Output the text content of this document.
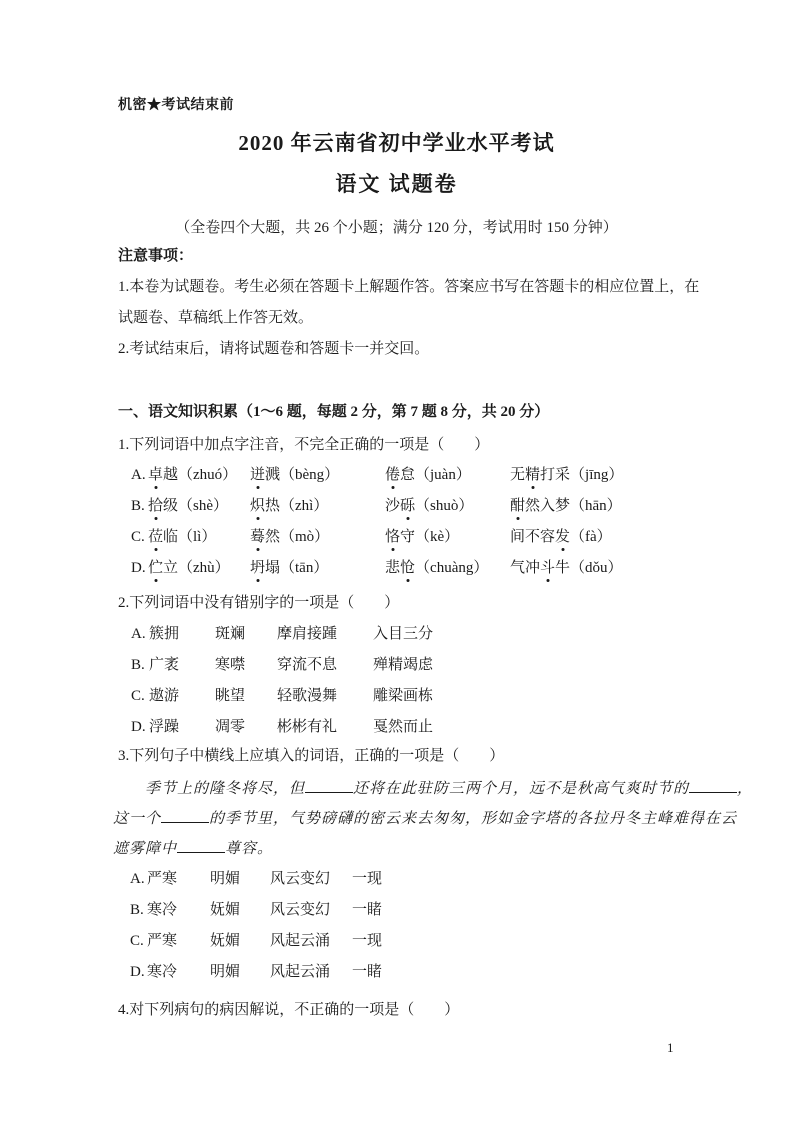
机密★考试结束前
2020 年云南省初中学业水平考试
语文 试题卷
（全卷四个大题，共 26 个小题；满分 120 分，考试用时 150 分钟）
注意事项：
1.本卷为试题卷。考生必须在答题卡上解题作答。答案应书写在答题卡的相应位置上，在
试题卷、草稿纸上作答无效。
2.考试结束后，请将试题卷和答题卡一并交回。
一、语文知识积累（1～6 题，每题 2 分，第 7 题 8 分，共 20 分）
1.下列词语中加点字注音，不完全正确的一项是（　　）
A. 卓越（zhuó） 迸溅（bèng）	倦怠（juàn）	无精打采（jīng）
B. 拾级（shè） 炽热（zhì）	沙砾（shuò） 酣然入梦（hān）
C. 莅临（lì） 蓦然（mò）	恪守（kè）	间不容发（fà）
D. 伫立（zhù） 坍塌（tān）	悲怆（chuàng） 气冲斗牛（dǒu）
2.下列词语中没有错别字的一项是（　　）
A. 簇拥 斑斓 摩肩接踵 入目三分
B. 广袤 寒噤 穿流不息 殚精竭虑
C. 遨游 眺望 轻歌漫舞 雕梁画栋
D. 浮躁 凋零 彬彬有礼 戛然而止
3.下列句子中横线上应填入的词语，正确的一项是（　　）
季节上的隆冬将尽，但	还将在此驻防三两个月，远不是秋高气爽时节的	，
这一个	的季节里，气势磅礴的密云来去匆匆，形如金字塔的各拉丹冬主峰难得在云
遮雾障中	尊容。
A. 严寒 明媚 风云变幻 一现
B. 寒冷 妩媚 风云变幻 一睹
C. 严寒 妩媚 风起云涌 一现
D. 寒冷 明媚 风起云涌 一睹
4.对下列病句的病因解说，不正确的一项是（　　）
1
